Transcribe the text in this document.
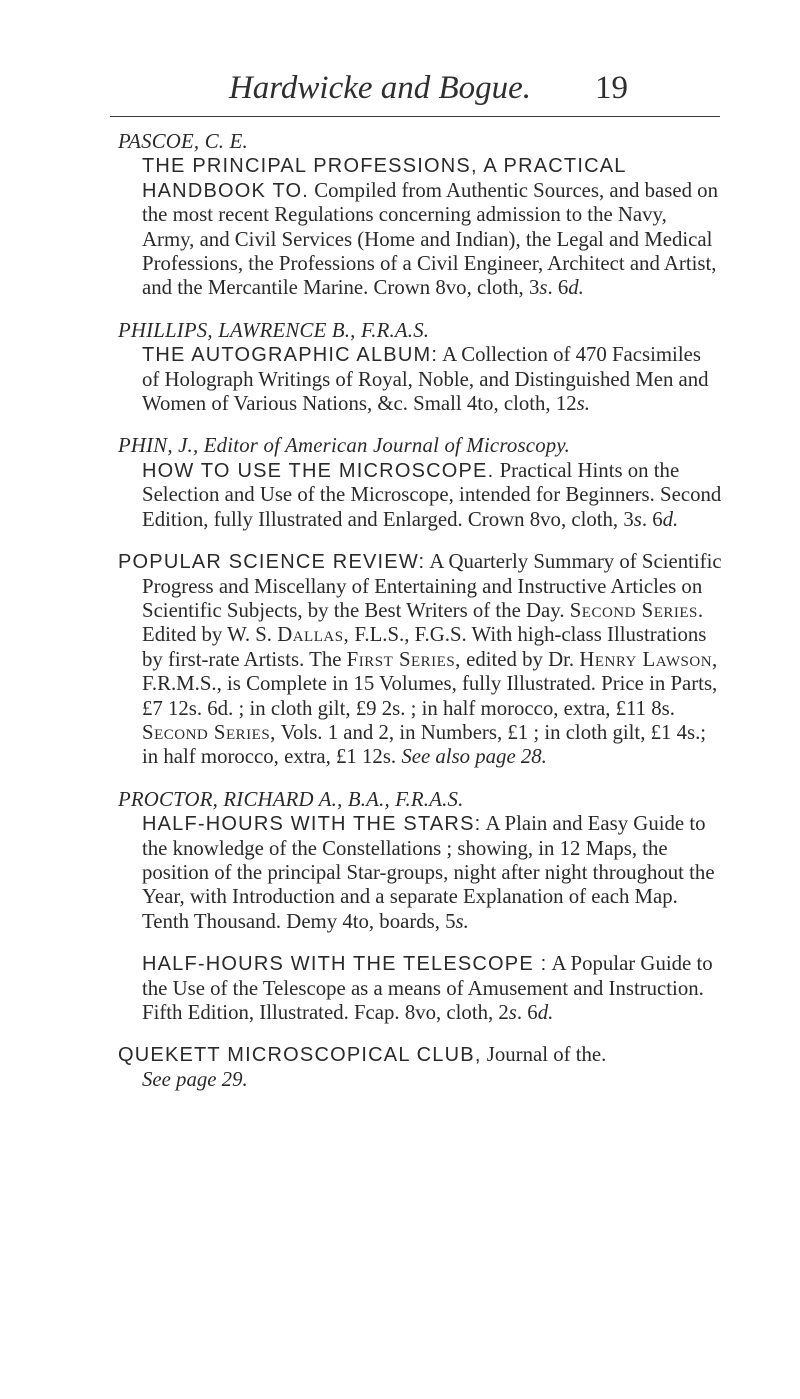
Hardwicke and Bogue.	19
PASCOE, C. E.
THE PRINCIPAL PROFESSIONS, A PRACTICAL HANDBOOK TO. Compiled from Authentic Sources, and based on the most recent Regulations concerning admission to the Navy, Army, and Civil Services (Home and Indian), the Legal and Medical Professions, the Professions of a Civil Engineer, Architect and Artist, and the Mercantile Marine. Crown 8vo, cloth, 3s. 6d.
PHILLIPS, LAWRENCE B., F.R.A.S.
THE AUTOGRAPHIC ALBUM: A Collection of 470 Facsimiles of Holograph Writings of Royal, Noble, and Distinguished Men and Women of Various Nations, &c. Small 4to, cloth, 12s.
PHIN, J., Editor of American Journal of Microscopy.
HOW TO USE THE MICROSCOPE. Practical Hints on the Selection and Use of the Microscope, intended for Beginners. Second Edition, fully Illustrated and Enlarged. Crown 8vo, cloth, 3s. 6d.
POPULAR SCIENCE REVIEW: A Quarterly Summary of Scientific Progress and Miscellany of Entertaining and Instructive Articles on Scientific Subjects, by the Best Writers of the Day. Second Series. Edited by W. S. Dallas, F.L.S., F.G.S. With high-class Illustrations by first-rate Artists. The First Series, edited by Dr. Henry Lawson, F.R.M.S., is Complete in 15 Volumes, fully Illustrated. Price in Parts, £7 12s. 6d. ; in cloth gilt, £9 2s. ; in half morocco, extra, £11 8s. Second Series, Vols. 1 and 2, in Numbers, £1 ; in cloth gilt, £1 4s.; in half morocco, extra, £1 12s. See also page 28.
PROCTOR, RICHARD A., B.A., F.R.A.S.
HALF-HOURS WITH THE STARS: A Plain and Easy Guide to the knowledge of the Constellations ; showing, in 12 Maps, the position of the principal Star-groups, night after night throughout the Year, with Introduction and a separate Explanation of each Map. Tenth Thousand. Demy 4to, boards, 5s.
HALF-HOURS WITH THE TELESCOPE : A Popular Guide to the Use of the Telescope as a means of Amusement and Instruction. Fifth Edition, Illustrated. Fcap. 8vo, cloth, 2s. 6d.
QUEKETT MICROSCOPICAL CLUB, Journal of the.
See page 29.
